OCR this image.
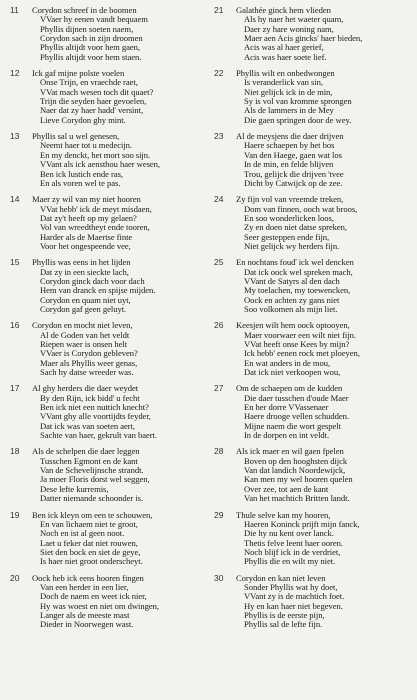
11	Corydon schreef in de boomen
VVaer hy eenen vandt bequaem
Phyllis dijnen soeten naem,
Corydon sach in zijn droomen
Phyllis altijdt voor hem gaen,
Phyllis altijdt voor hem staen.
12	Ick gaf mijne polste voelen
Onse Trijn, en vraechde raet,
VVat mach wesen toch dit quaet?
Trijn die seyden haer gevoelen,
Naer dat zy haer hadd' versint,
Lieve Corydon ghy mint.
13	Phyllis sal u wel genesen,
Neemt haer tot u medecijn.
En my denckt, het mort soo sijn.
VVant als ick aensthou haer wesen,
Ben ick lustich ende ras,
En als voren wel te pas.
14	Maer zy wil van my niet hooren
VVat hebb' ick de meyt misdaen,
Dat zy't heeft op my gelaen?
Vol van wreedtheyt ende tooren,
Harder als de Maertse finte
Voor het ongespeende vee,
15	Phyllis was eens in het lijden
Dat zy in een sieckte lach,
Corydon ginck dach voor dach
Hem van dranck en spijse mijden.
Corydon en quam niet uyt,
Corydon gaf geen geluyt.
16	Corydon en mocht niet leven,
Al de Goden van het veldt
Riepen waer is onsen helt
VVaer is Corydon gebleven?
Maer als Phyllis weer genas,
Sach hy datse wreeder was.
17	Al ghy herders die daer weydet
By den Rijn, ick bidd' u fecht
Ben ick niet een nuttich knecht?
VVant ghy alle voortijdts feyder,
Dat ick was van soeten aert,
Sachte van haer, gekrult van baert.
18	Als de schelpen die daer leggen
Tusschen Egmont en de kant
Van de Schevelijnsche strandt.
Ja moer Floris dorst wel seggen,
Dese lefte kurremis,
Datter niemande schoonder is.
19	Ben ick kleyn om een te schouwen,
En van lichaem niet te groot,
Noch en ist al geen noot.
Laet u feker dat niet rouwen,
Siet den bock en siet de geye,
Is haer niet groot onderscheyt.
20	Oock heb ick eens hooren fingen
Van een herder in een lier,
Doch de naem en weet ick nier,
Hy was woest en niet om dwingen,
Langer als de meeste mast
Dieder in Noorwegen wast.
21	Galathée ginck hem vlieden
Als hy naer het waeter quam,
Daer zy hare woning nam,
Maer aen Acis gincks' haer bieden,
Acis was al haer gerief,
Acis was haer soete lief.
22	Phyllis wilt en onbedwongen
Is veranderlick van sin,
Niet gelijck ick in de min,
Sy is vol van kromme sprongen
Als de lammers in de Mey
Die gaen springen door de wey.
23	Al de meysjens die daer drijven
Haere schaepen by het bos
Van den Haege, gaen wat los
In de min, en felde blijven
Trou, gelijck die drijven 'tvee
Dicht by Catwijck op de zee.
24	Zy fijn vol van vreemde treken,
Dom van finnen, ooch wat broos,
En soo wonderlicken loos,
Zy en doen niet datse spreken,
Seer gesteppen ende fijn,
Niet gelijck wy herders fijn.
25	En nochtans fouď ick wel dencken
Dat ick oock wel spreken mach,
VVant de Satyrs al den dach
My toelachen, my toewencken,
Oock en achten zy gans niet
Soo volkomen als mijn liet.
26	Keesjen wilt hem oock optooyen,
Maer voorwaer een wilt niet fijn.
VVat heeft onse Kees by mijn?
Ick hebb' eenen rock met ploeyen,
En wat anders in de mou,
Dat ick niet verkoopen wou,
27	Om de schaepen om de kudden
Die daer tusschen d'oude Maer
En her dorre VVassenaer
Haere drooge vellen schudden.
Mijne naem die wort gespelt
In de dorpen en int veldt.
28	Als ick maer en wil gaen fpelen
Boven op den hooghsten dijck
Van dat landich Noordewijck,
Kan men my wel hooren quelen
Over zee, tot aen de kant
Van het machtich Britten landt.
29	Thule selve kan my hooren,
Haeren Koninck prijft mijn fanck,
Die hy nu kent over lanck.
Thetis felve leent haer ooren.
Noch blijf ick in de verdriet,
Phyllis die en wilt my niet.
30	Corydon en kan niet leven
Sonder Phyllis wat hy doet,
VVant zy is de machtich foet.
Hy en kan haer niet begeven.
Phyllis is de eerste pijn,
Phyllis sal de lefte fijn.
